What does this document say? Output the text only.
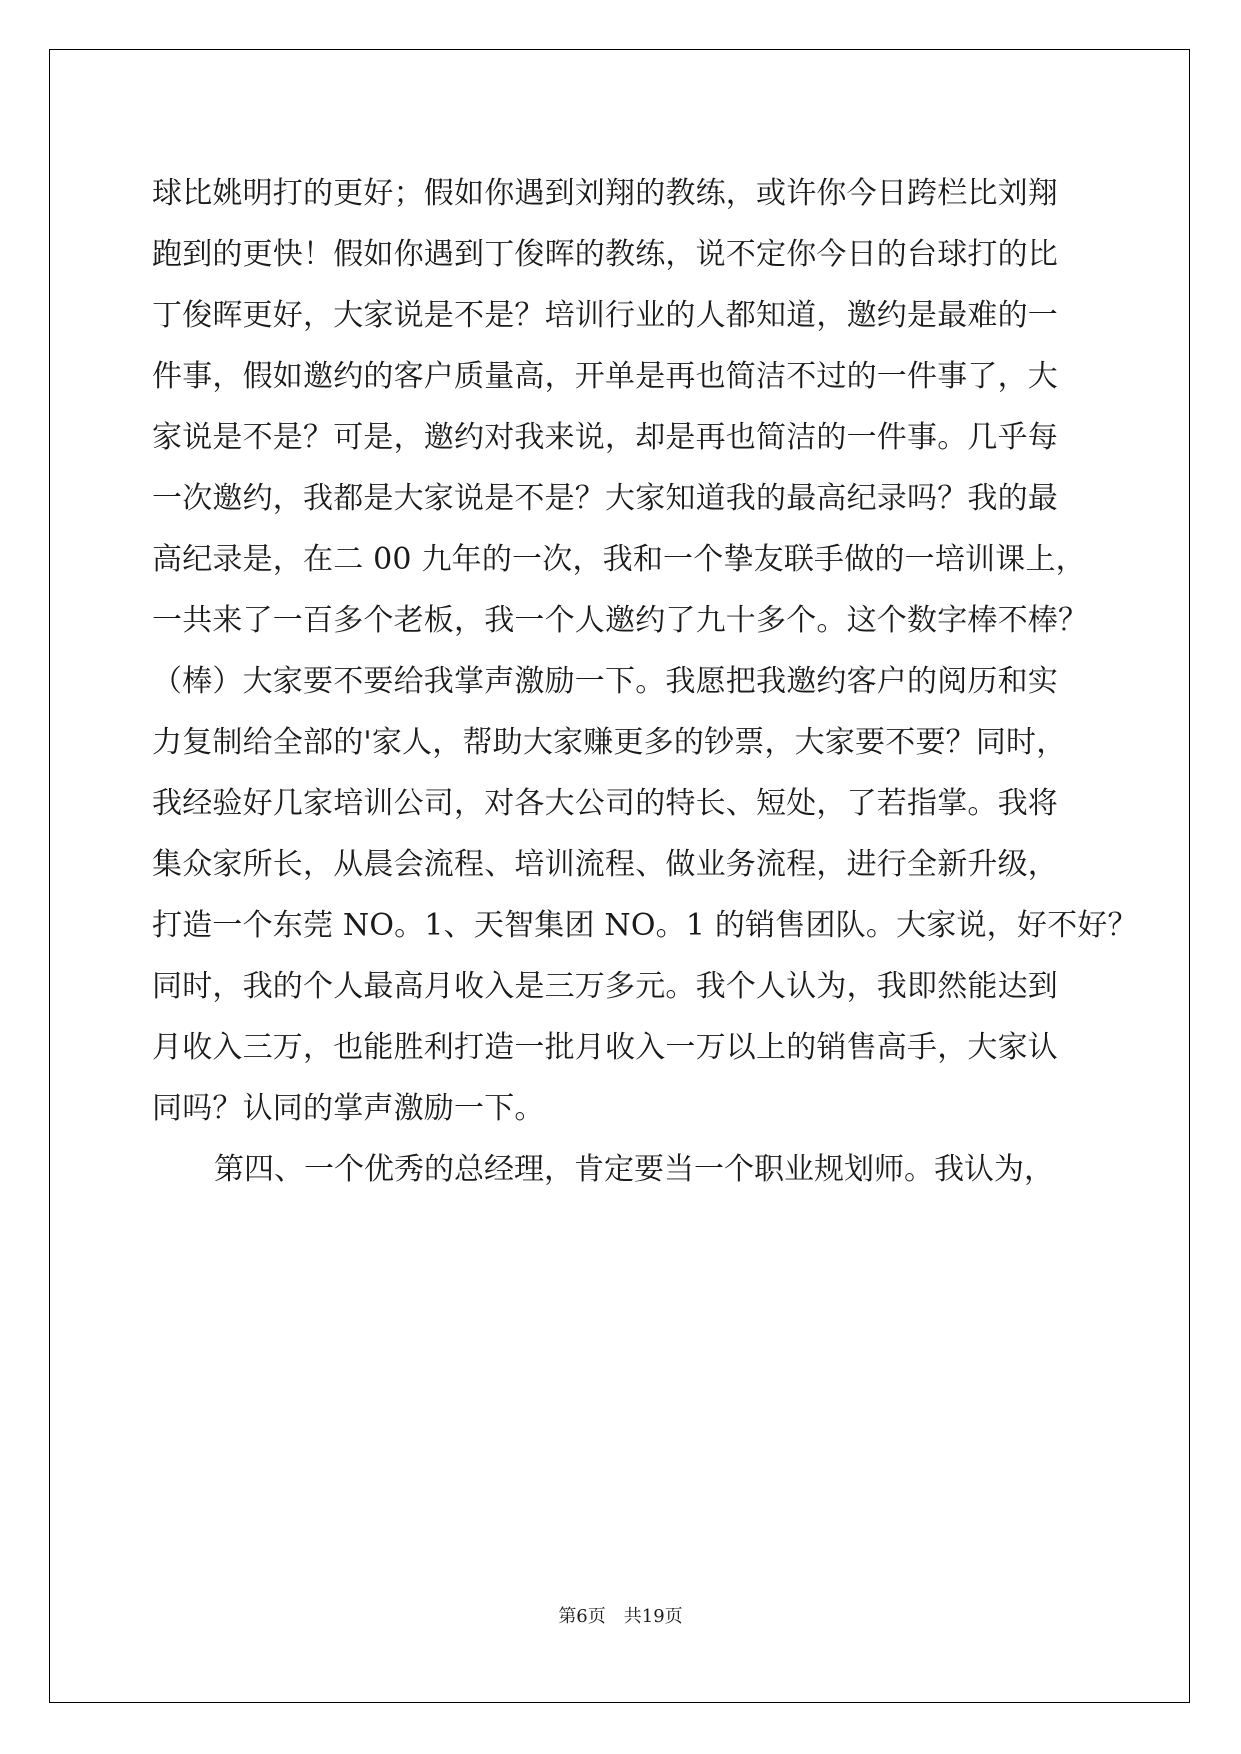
球比姚明打的更好；假如你遇到刘翔的教练，或许你今日跨栏比刘翔
跑到的更快！假如你遇到丁俊晖的教练，说不定你今日的台球打的比
丁俊晖更好，大家说是不是？培训行业的人都知道，邀约是最难的一
件事，假如邀约的客户质量高，开单是再也简洁不过的一件事了，大
家说是不是？可是，邀约对我来说，却是再也简洁的一件事。几乎每
一次邀约，我都是大家说是不是？大家知道我的最高纪录吗？我的最
高纪录是，在二 00 九年的一次，我和一个挚友联手做的一培训课上，
一共来了一百多个老板，我一个人邀约了九十多个。这个数字棒不棒？
（棒）大家要不要给我掌声激励一下。我愿把我邀约客户的阅历和实
力复制给全部的'家人，帮助大家赚更多的钞票，大家要不要？同时，
我经验好几家培训公司，对各大公司的特长、短处，了若指掌。我将
集众家所长，从晨会流程、培训流程、做业务流程，进行全新升级，
打造一个东莞 NO。1、天智集团 NO。1 的销售团队。大家说，好不好？
同时，我的个人最高月收入是三万多元。我个人认为，我即然能达到
月收入三万，也能胜利打造一批月收入一万以上的销售高手，大家认
同吗？认同的掌声激励一下。
第四、一个优秀的总经理，肯定要当一个职业规划师。我认为，
第6页　共19页
